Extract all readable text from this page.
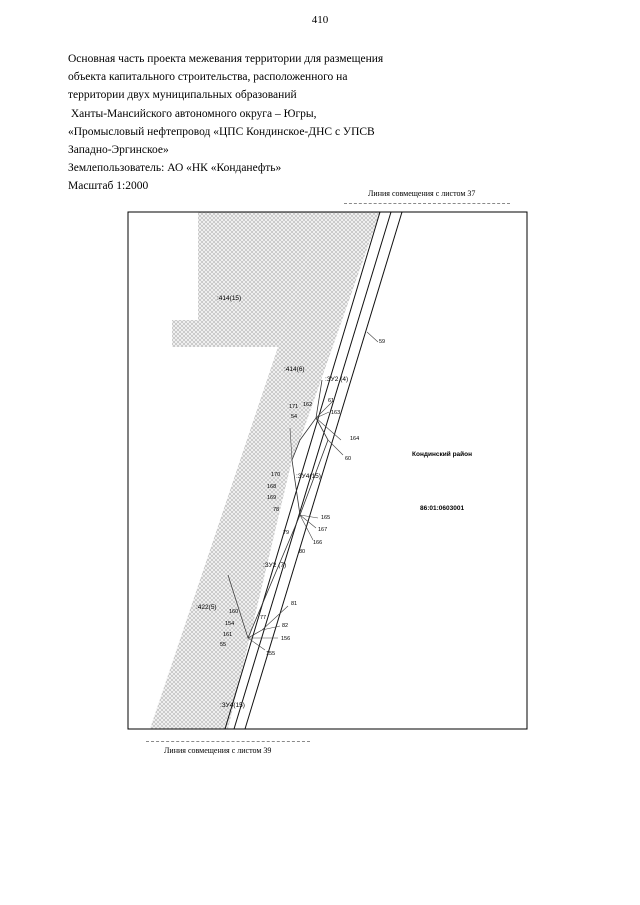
410
Основная часть проекта межевания территории для размещения
объекта капитального строительства, расположенного на
территории двух муниципальных образований
Ханты-Мансийского автономного округа – Югры,
«Промысловый нефтепровод «ЦПС Кондинское-ДНС с УПСВ
Западно-Эргинское»
Землепользователь: АО «НК «Конданефть»
Масштаб 1:2000
Линия совмещения с листом 37
Линия совмещения с листом 39
:414(15)
:414(6)
:422(5)
:ЗУ2 (4)
:ЗУ4(15)
:ЗУ2 (7)
:ЗУ4(15)
Кондинский район
86:01:0603001
59
61
162
171
54
163
164
60
170
168
169
78
165
79	167
166
80
81
160
77
154	82
161
156
55
155
